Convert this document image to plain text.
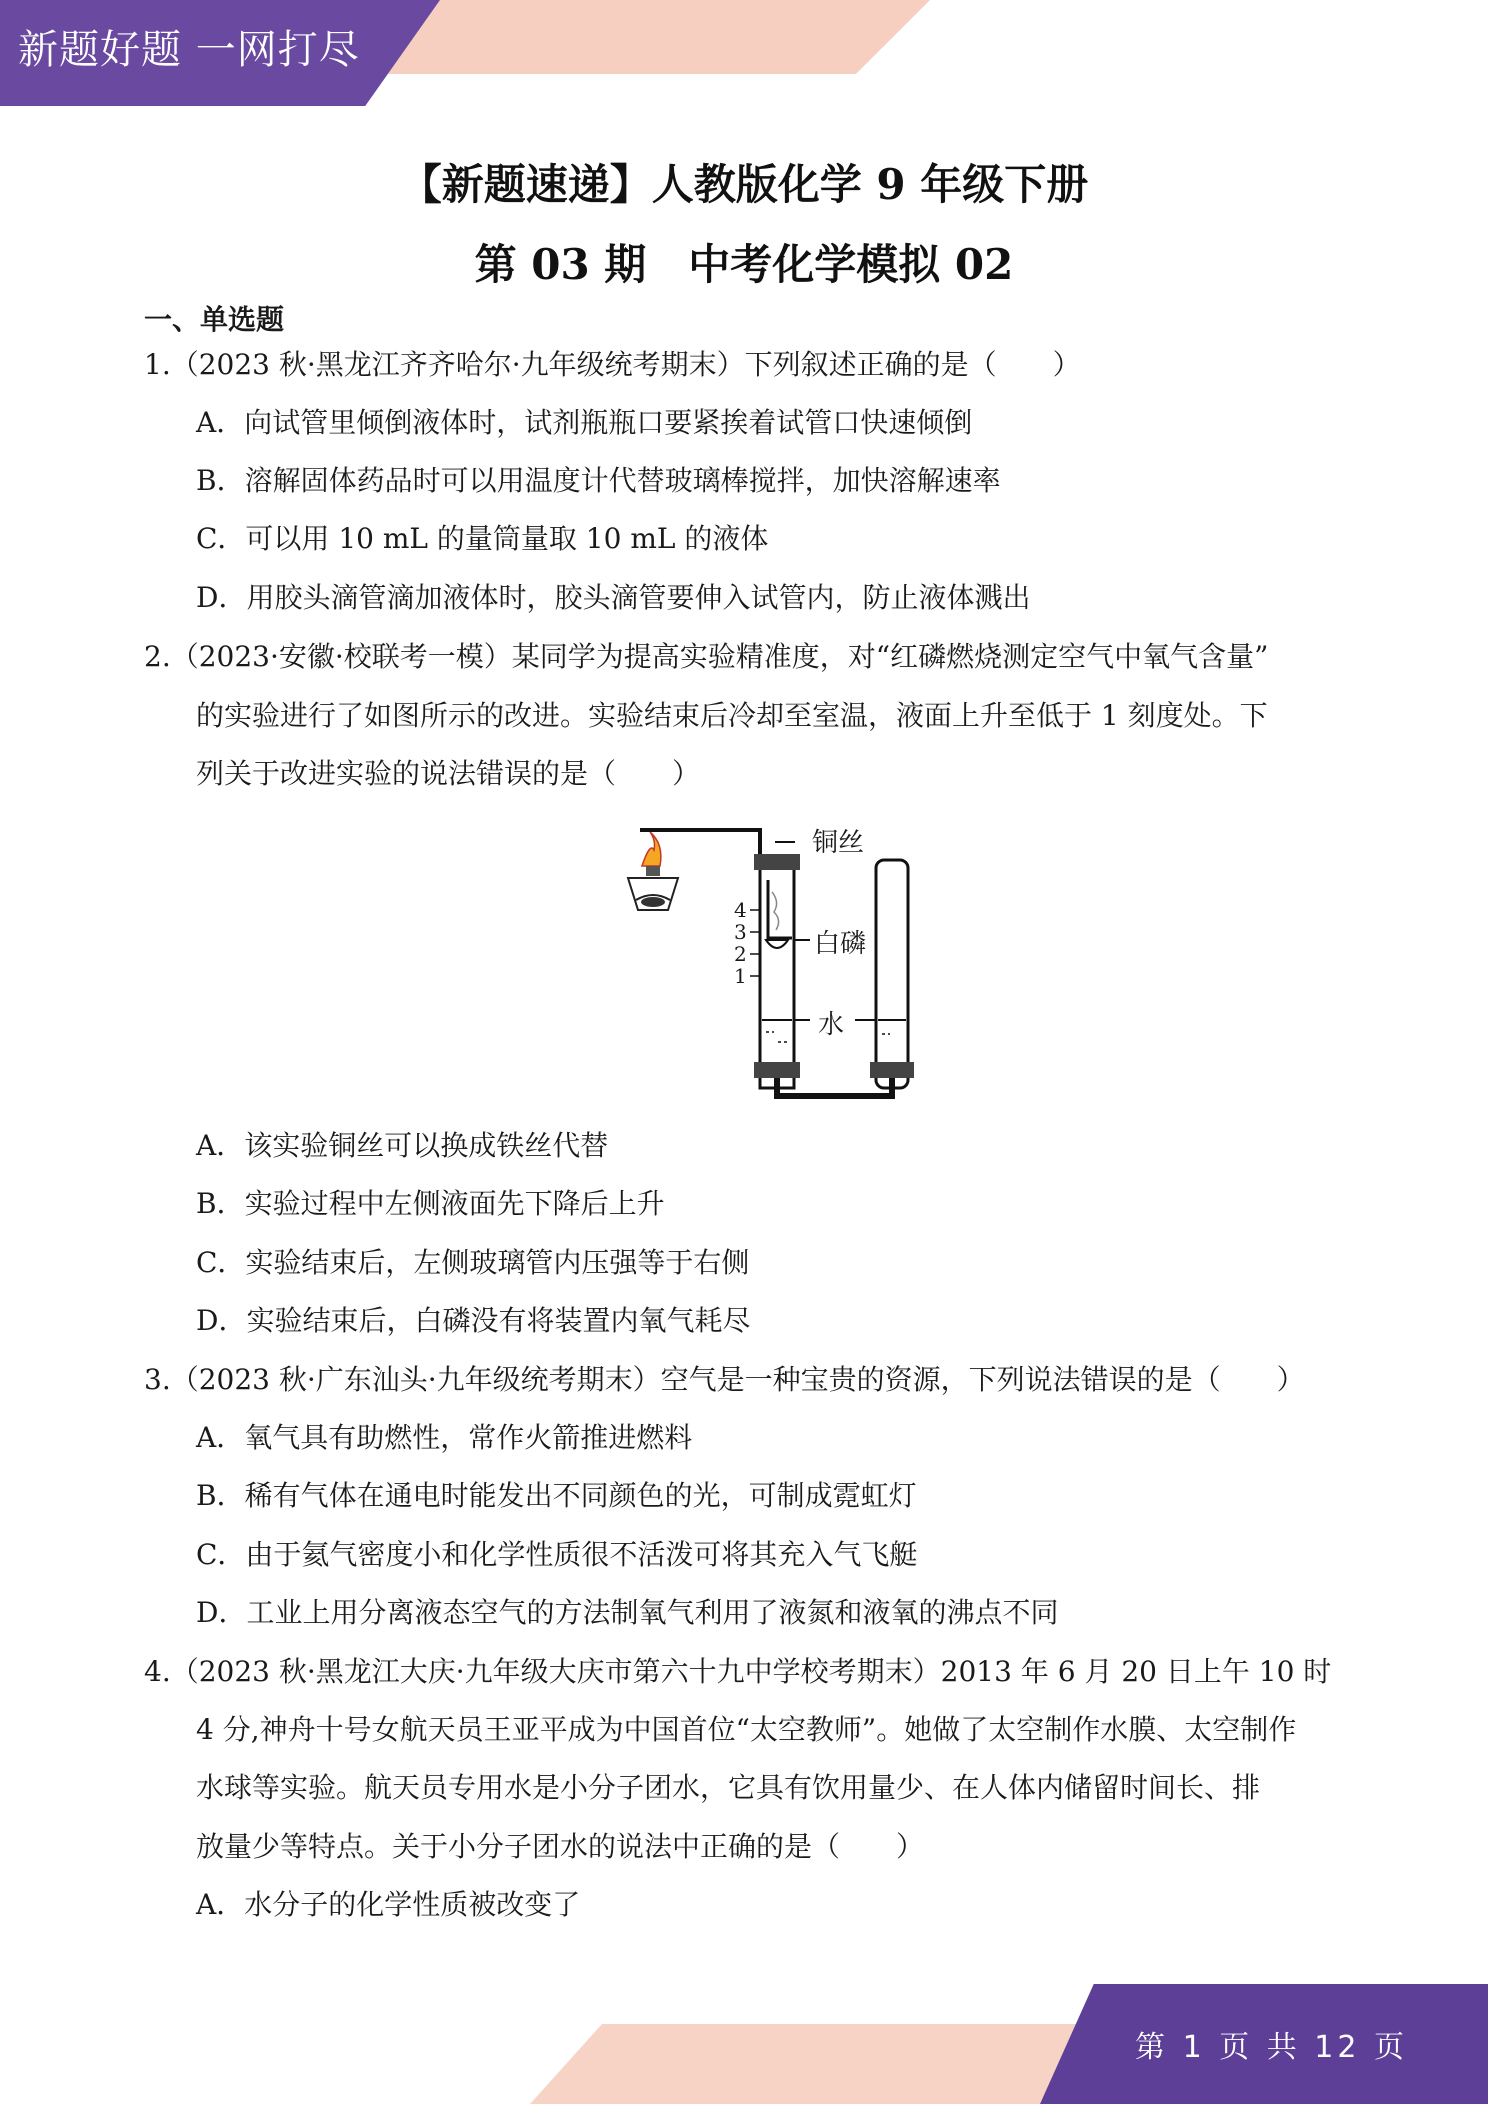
新题好题 一网打尽
【新题速递】人教版化学 9 年级下册
第 03 期　中考化学模拟 02
一、单选题
1.（2023 秋·黑龙江齐齐哈尔·九年级统考期末）下列叙述正确的是（　　）
A．向试管里倾倒液体时，试剂瓶瓶口要紧挨着试管口快速倾倒
B．溶解固体药品时可以用温度计代替玻璃棒搅拌，加快溶解速率
C．可以用 10 mL 的量筒量取 10 mL 的液体
D．用胶头滴管滴加液体时，胶头滴管要伸入试管内，防止液体溅出
2.（2023·安徽·校联考一模）某同学为提高实验精准度，对“红磷燃烧测定空气中氧气含量”
的实验进行了如图所示的改进。实验结束后冷却至室温，液面上升至低于 1 刻度处。下
列关于改进实验的说法错误的是（　　）
铜丝
白磷
水
4
3
2
1
A．该实验铜丝可以换成铁丝代替
B．实验过程中左侧液面先下降后上升
C．实验结束后，左侧玻璃管内压强等于右侧
D．实验结束后，白磷没有将装置内氧气耗尽
3.（2023 秋·广东汕头·九年级统考期末）空气是一种宝贵的资源，下列说法错误的是（　　）
A．氧气具有助燃性，常作火箭推进燃料
B．稀有气体在通电时能发出不同颜色的光，可制成霓虹灯
C．由于氦气密度小和化学性质很不活泼可将其充入气飞艇
D．工业上用分离液态空气的方法制氧气利用了液氮和液氧的沸点不同
4.（2023 秋·黑龙江大庆·九年级大庆市第六十九中学校考期末）2013 年 6 月 20 日上午 10 时
4 分,神舟十号女航天员王亚平成为中国首位“太空教师”。她做了太空制作水膜、太空制作
水球等实验。航天员专用水是小分子团水，它具有饮用量少、在人体内储留时间长、排
放量少等特点。关于小分子团水的说法中正确的是（　　）
A．水分子的化学性质被改变了
第 1 页 共 12 页
